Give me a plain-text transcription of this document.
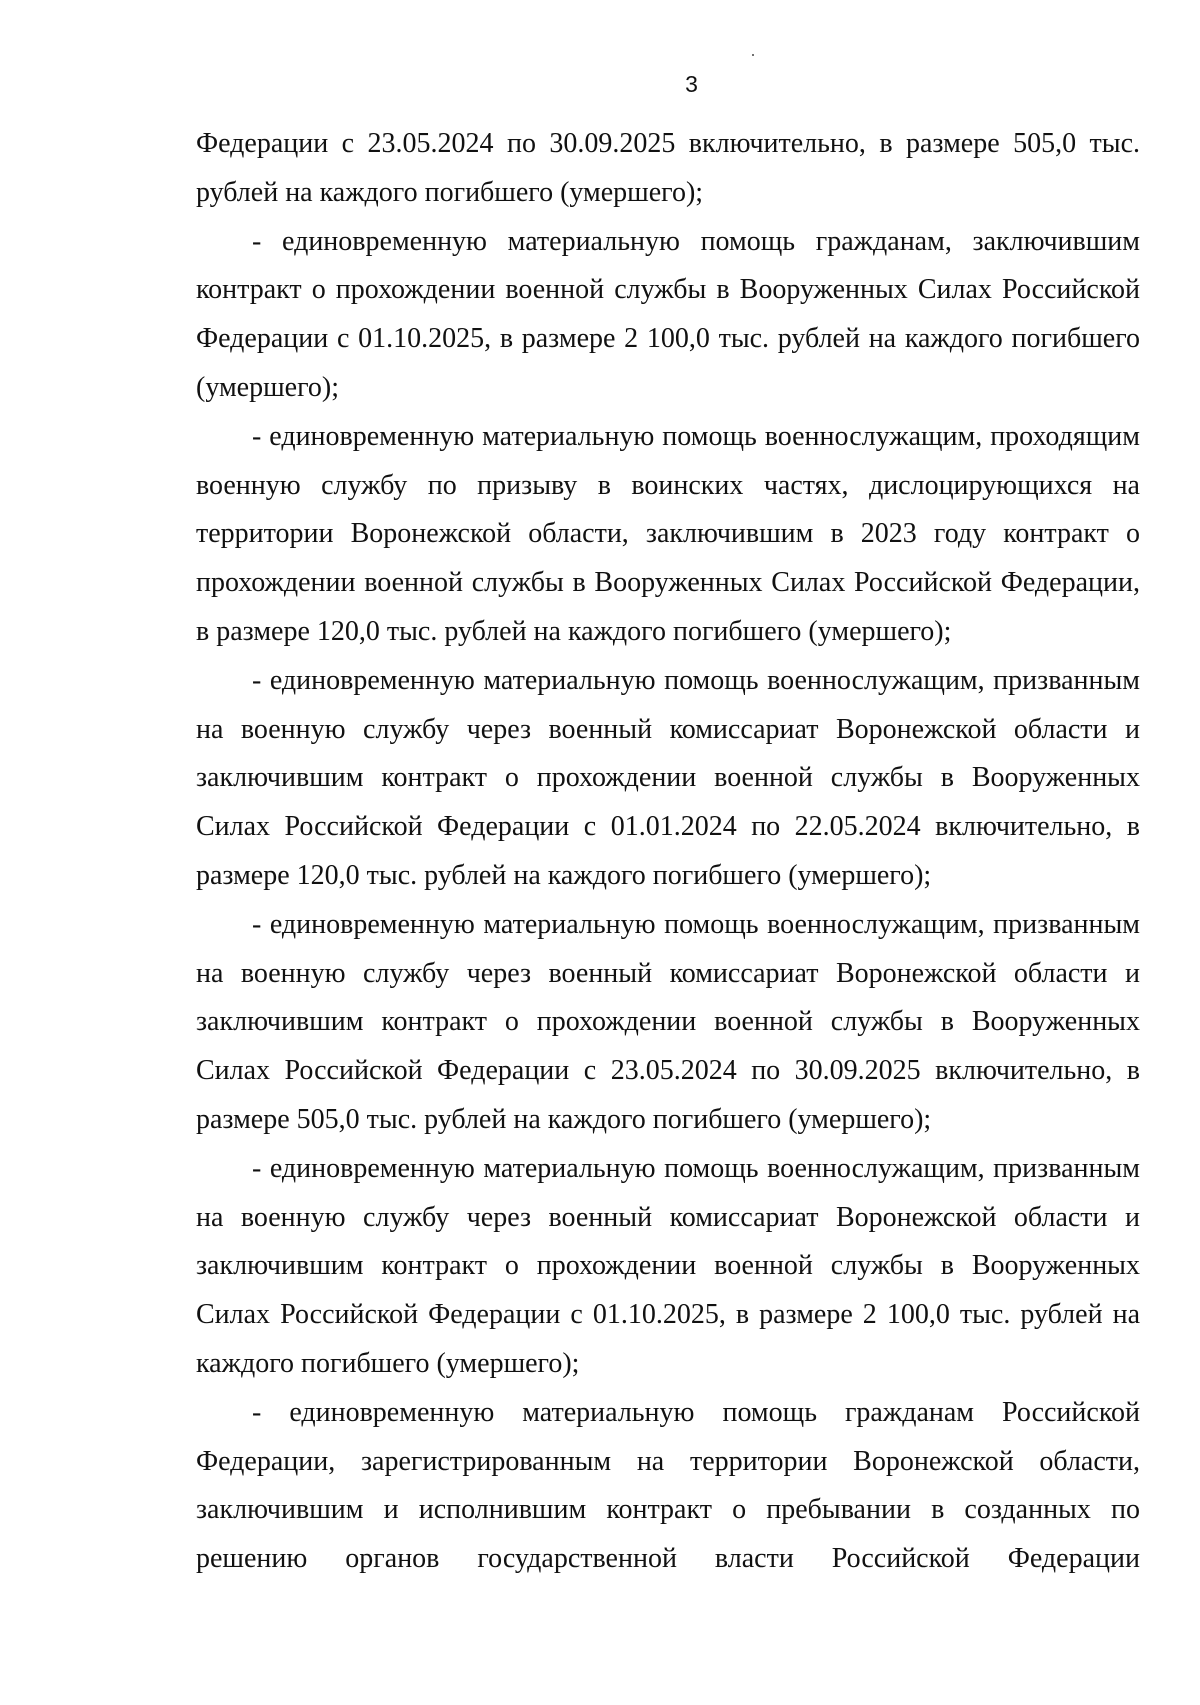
3

Федерации с 23.05.2024 по 30.09.2025 включительно, в размере 505,0 тыс. рублей на каждого погибшего (умершего);

- единовременную материальную помощь гражданам, заключившим контракт о прохождении военной службы в Вооруженных Силах Российской Федерации с 01.10.2025, в размере 2 100,0 тыс. рублей на каждого погибшего (умершего);

- единовременную материальную помощь военнослужащим, проходящим военную службу по призыву в воинских частях, дислоцирующихся на территории Воронежской области, заключившим в 2023 году контракт о прохождении военной службы в Вооруженных Силах Российской Федерации, в размере 120,0 тыс. рублей на каждого погибшего (умершего);

- единовременную материальную помощь военнослужащим, призванным на военную службу через военный комиссариат Воронежской области и заключившим контракт о прохождении военной службы в Вооруженных Силах Российской Федерации с 01.01.2024 по 22.05.2024 включительно, в размере 120,0 тыс. рублей на каждого погибшего (умершего);

- единовременную материальную помощь военнослужащим, призванным на военную службу через военный комиссариат Воронежской области и заключившим контракт о прохождении военной службы в Вооруженных Силах Российской Федерации с 23.05.2024 по 30.09.2025 включительно, в размере 505,0 тыс. рублей на каждого погибшего (умершего);

- единовременную материальную помощь военнослужащим, призванным на военную службу через военный комиссариат Воронежской области и заключившим контракт о прохождении военной службы в Вооруженных Силах Российской Федерации с 01.10.2025, в размере 2 100,0 тыс. рублей на каждого погибшего (умершего);

- единовременную материальную помощь гражданам Российской Федерации, зарегистрированным на территории Воронежской области, заключившим и исполнившим контракт о пребывании в созданных по решению органов государственной власти Российской Федерации
